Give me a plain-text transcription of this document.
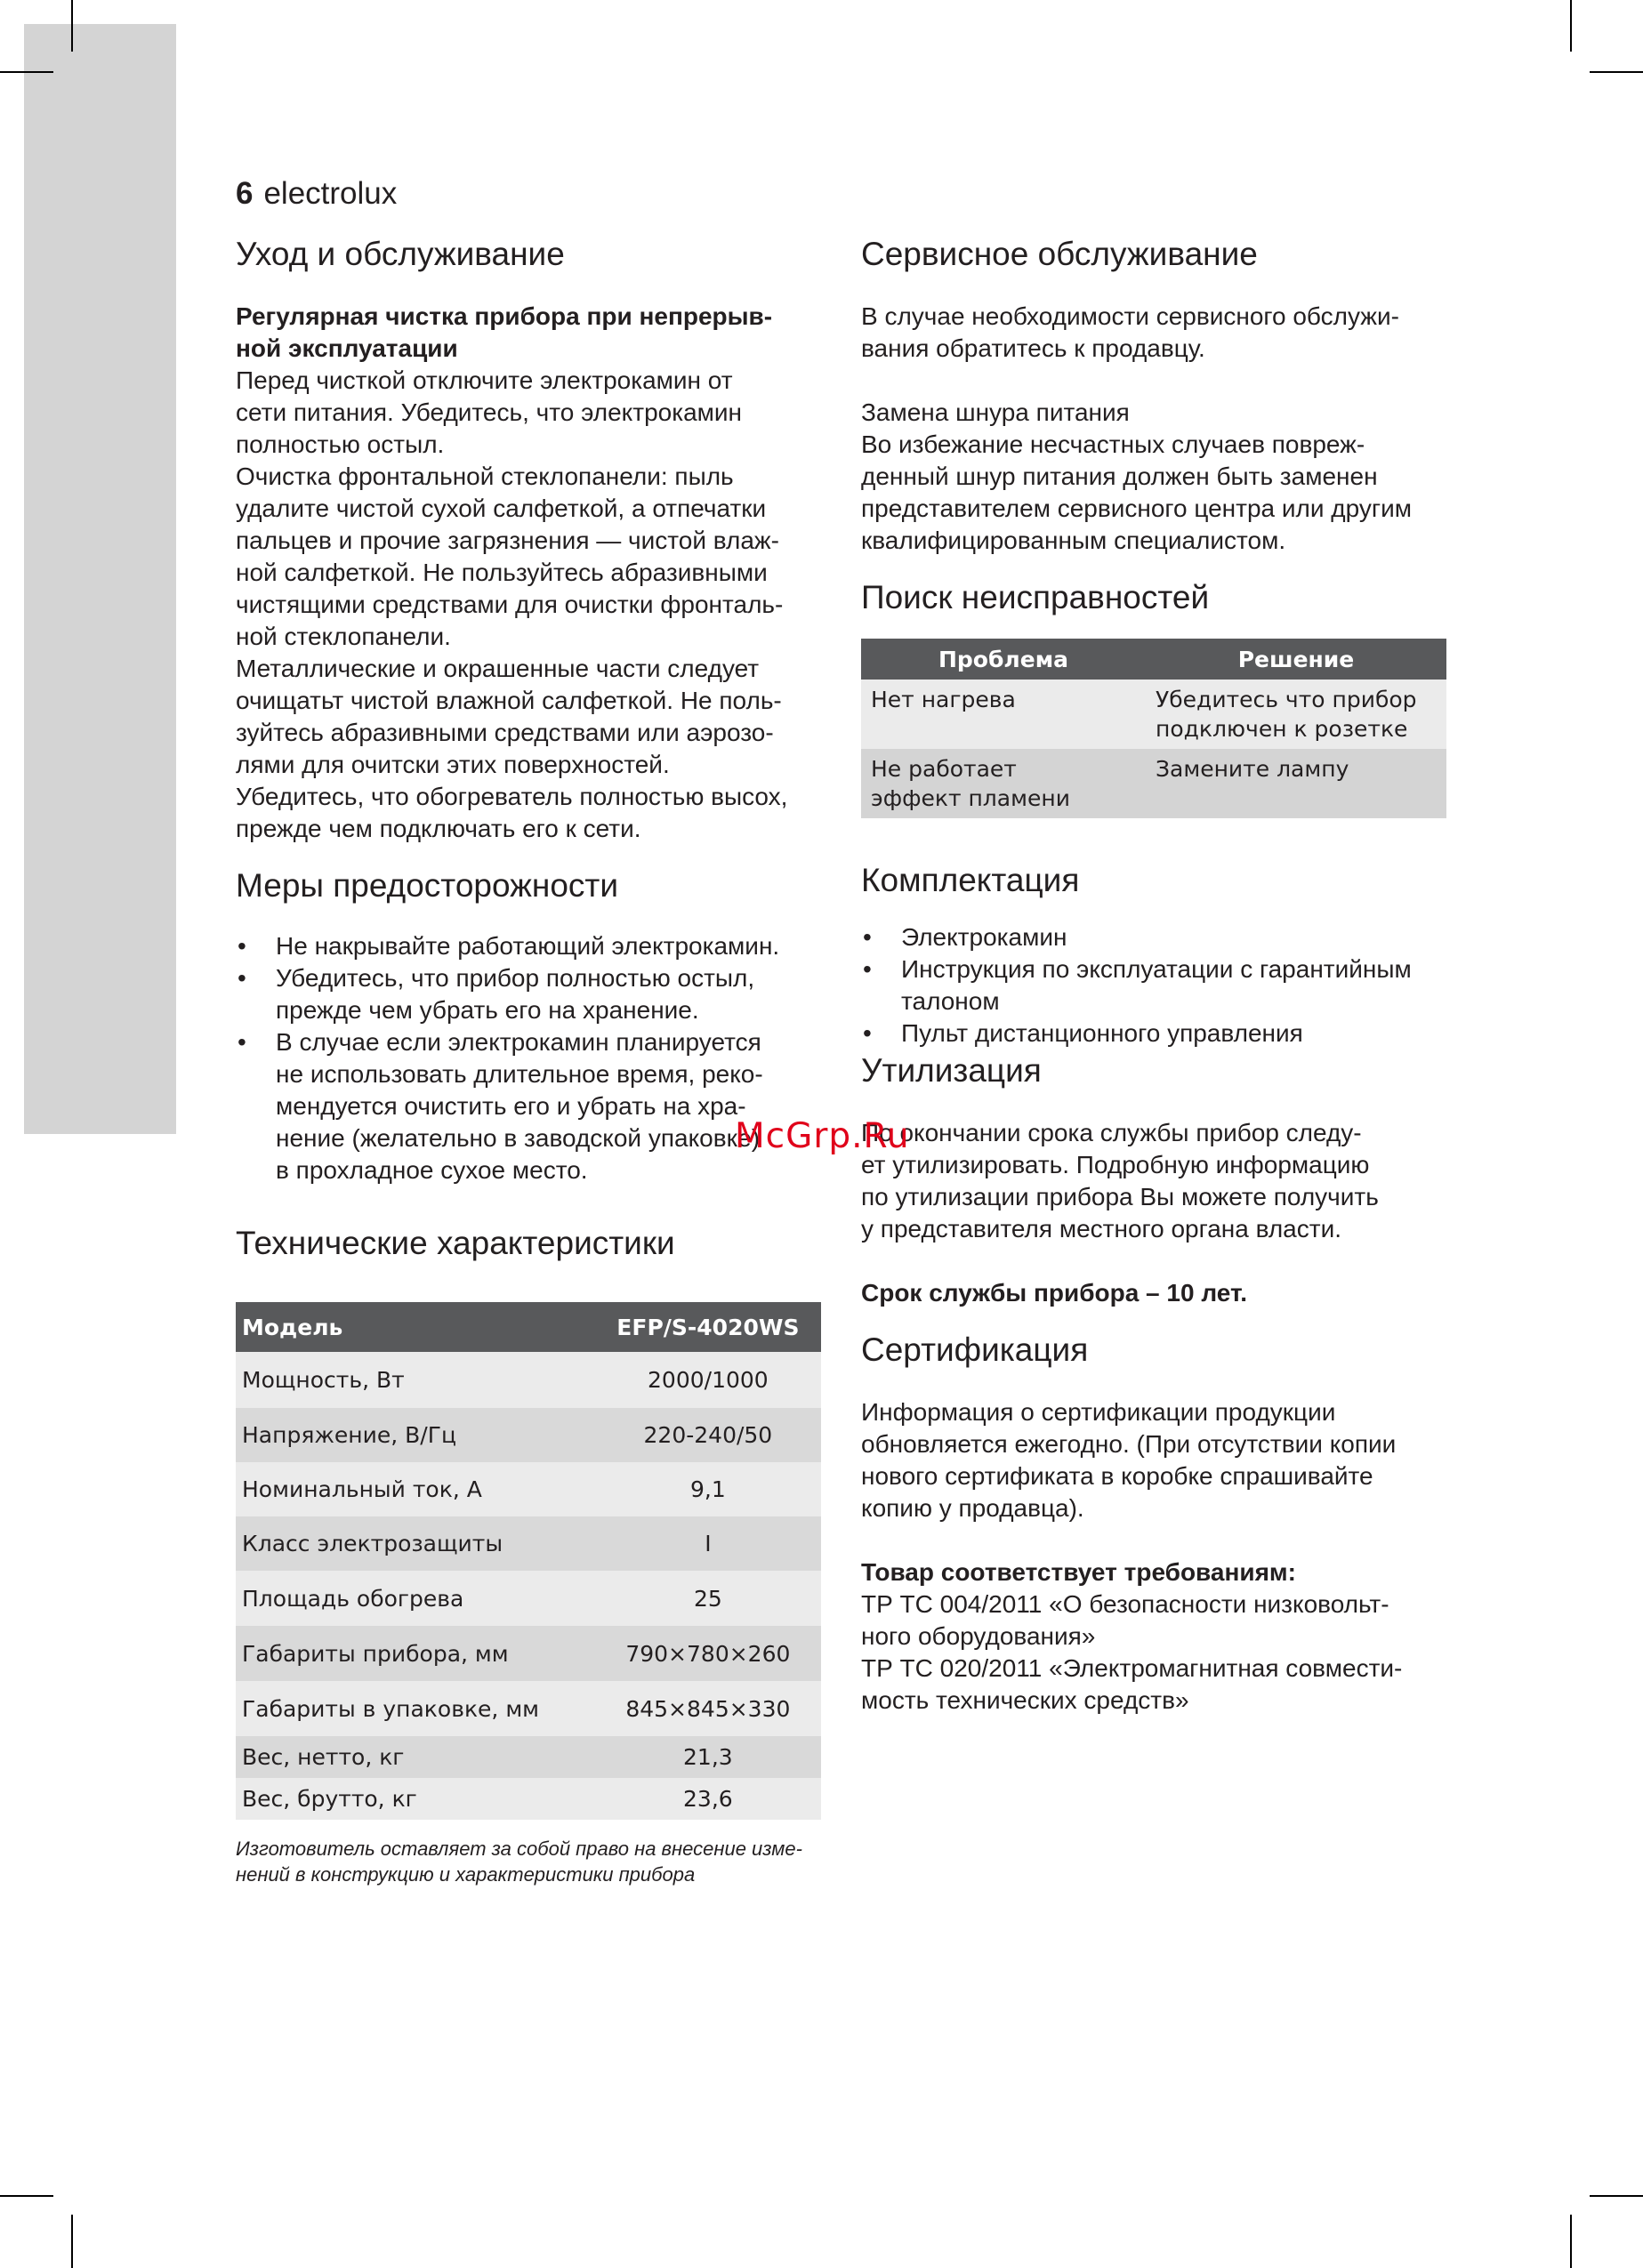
6 electrolux
Уход и обслуживание

Регулярная чистка прибора при непрерыв-
ной эксплуатации

Перед чисткой отключите электрокамин от
сети питания. Убедитесь, что электрокамин
полностью остыл.
Очистка фронтальной стеклопанели: пыль
удалите чистой сухой салфеткой, а отпечатки
пальцев и прочие загрязнения — чистой влаж-
ной салфеткой. Не пользуйтесь абразивными
чистящими средствами для очистки фронталь-
ной стеклопанели.
Металлические и окрашенные части следует
очищатьт чистой влажной салфеткой. Не поль-
зуйтесь абразивными средствами или аэрозо-
лями для очитски этих поверхностей.
Убедитесь, что обогреватель полностью высох,
прежде чем подключать его к сети.

Меры предосторожности
• Не накрывайте работающий электрокамин.
• Убедитесь, что прибор полностью остыл,
прежде чем убрать его на хранение.
• В случае если электрокамин планируется
не использовать длительное время, реко-
мендуется очистить его и убрать на хра-
нение (желательно в заводской упаковке)
в прохладное сухое место.
Технические характеристики
Модель	EFP/S-4020WS
Мощность, Вт	2000/1000
Напряжение, В/Гц	220-240/50
Номинальный ток, А	9,1
Класс электрозащиты	I
Площадь обогрева	25
Габариты прибора, мм	790×780×260
Габариты в упаковке, мм	845×845×330
Вес, нетто, кг	21,3
Вес, брутто, кг	23,6

Изготовитель оставляет за собой право на внесение изме-
нений в конструкцию и характеристики прибора

Сервисное обслуживание

В случае необходимости сервисного обслужи-
вания обратитесь к продавцу.

Замена шнура питания
Во избежание несчастных случаев повреж-
денный шнур питания должен быть заменен
представителем сервисного центра или другим
квалифицированным специалистом.

Поиск неисправностей
Проблема	Решение
Нет нагрева	Убедитесь что прибор
подключен к розетке
Не работает
эффект пламени	Замените лампу
Комплектация
• Электрокамин
• Инструкция по эксплуатации с гарантийным
талоном
• Пульт дистанционного управления
Утилизация

По окончании срока службы прибор следу-
ет утилизировать. Подробную информацию
по утилизации прибора Вы можете получить
у представителя местного органа власти.

Срок службы прибора – 10 лет.

Сертификация

Информация о сертификации продукции
обновляется ежегодно. (При отсутствии копии
нового сертификата в коробке спрашивайте
копию у продавца).

Товар соответствует требованиям:
ТР ТС 004/2011 «О безопасности низковольт-
ного оборудования»
ТР ТС 020/2011 «Электромагнитная совмести-
мость технических средств»

McGrp.Ru
